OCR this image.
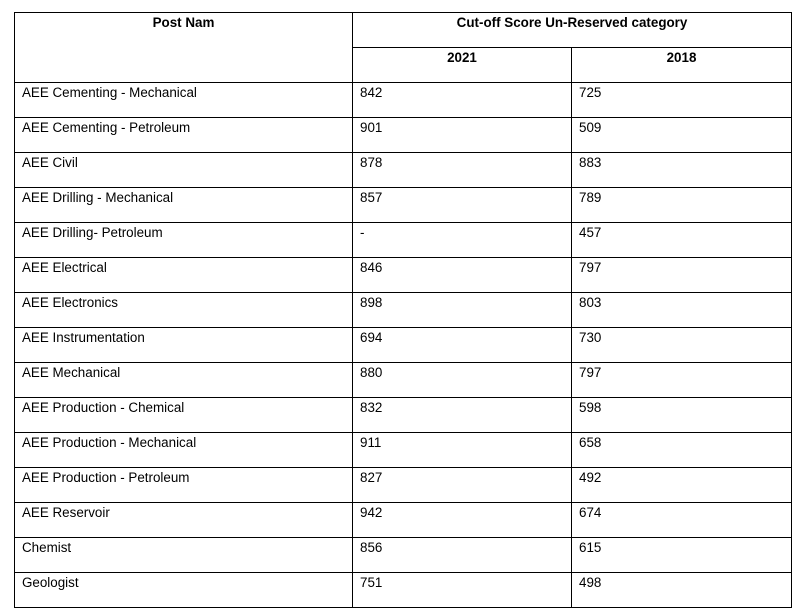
Post Nam	Cut-off Score Un-Reserved category	
	2021	2018
AEE Cementing - Mechanical	842	725
AEE Cementing - Petroleum	901	509
AEE Civil	878	883
AEE Drilling - Mechanical	857	789
AEE Drilling- Petroleum	-	457
AEE Electrical	846	797
AEE Electronics	898	803
AEE Instrumentation	694	730
AEE Mechanical	880	797
AEE Production - Chemical	832	598
AEE Production - Mechanical	911	658
AEE Production - Petroleum	827	492
AEE Reservoir	942	674
Chemist	856	615
Geologist	751	498
